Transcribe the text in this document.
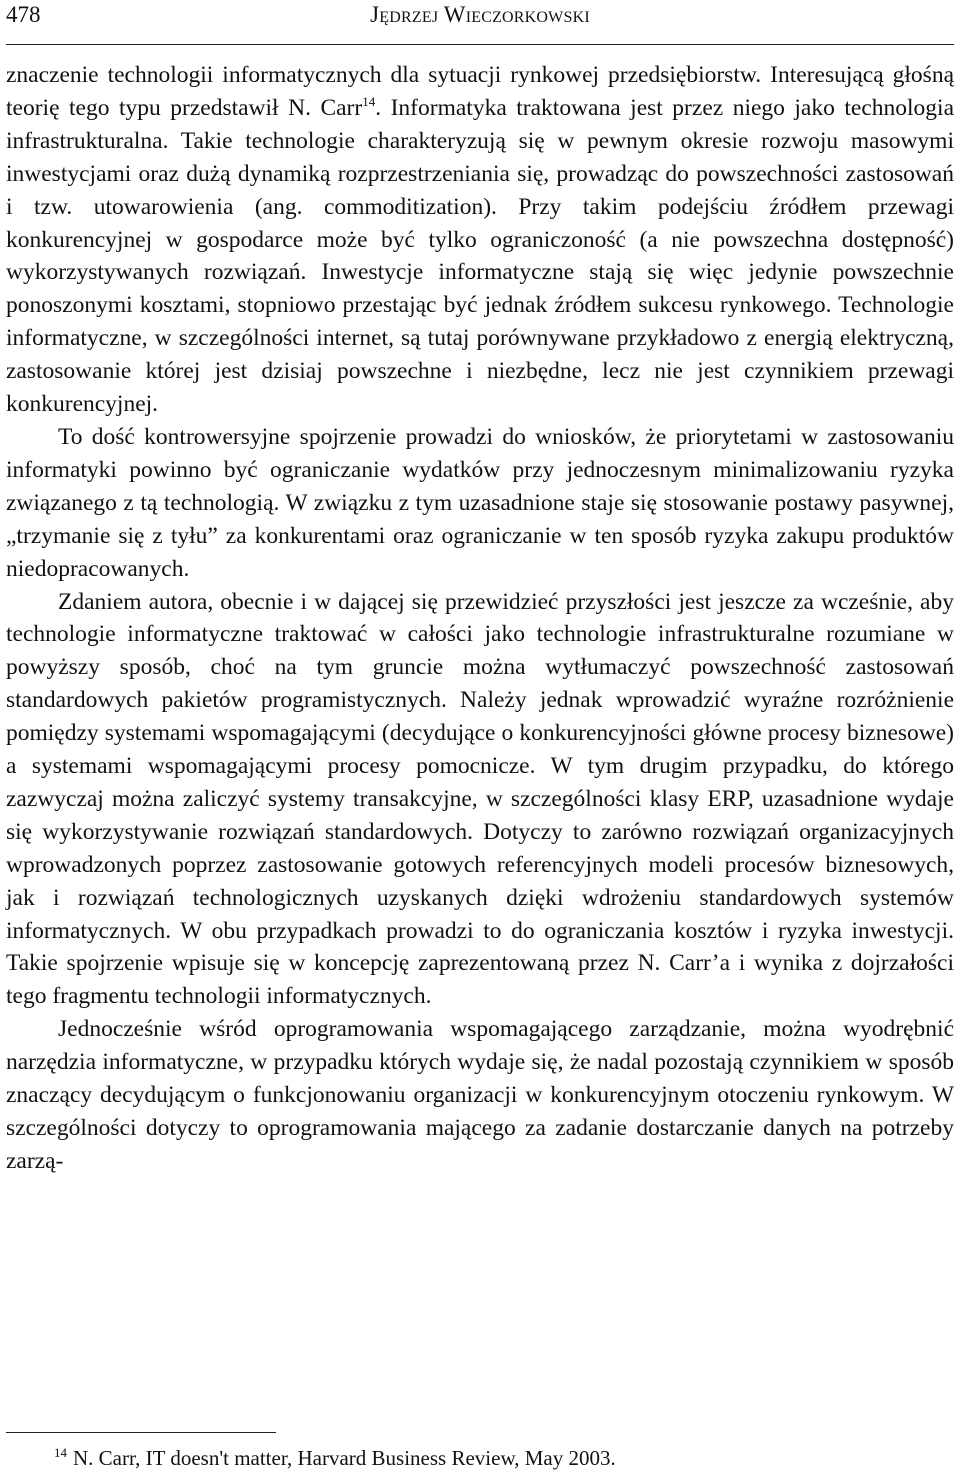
478	Jędrzej Wieczorkowski

znaczenie technologii informatycznych dla sytuacji rynkowej przedsiębiorstw. Interesującą głośną teorię tego typu przedstawił N. Carr$^{14}$. Informatyka traktowana jest przez niego jako technologia infrastrukturalna. Takie technologie charakteryzują się w pewnym okresie rozwoju masowymi inwestycjami oraz dużą dynamiką rozprzestrzeniania się, prowadząc do powszechności zastosowań i tzw. utowarowienia (ang. commoditization). Przy takim podejściu źródłem przewagi konkurencyjnej w gospodarce może być tylko ograniczoność (a nie powszechna dostępność) wykorzystywanych rozwiązań. Inwestycje informatyczne stają się więc jedynie powszechnie ponoszonymi kosztami, stopniowo przestając być jednak źródłem sukcesu rynkowego. Technologie informatyczne, w szczególności internet, są tutaj porównywane przykładowo z energią elektryczną, zastosowanie której jest dzisiaj powszechne i niezbędne, lecz nie jest czynnikiem przewagi konkurencyjnej.

To dość kontrowersyjne spojrzenie prowadzi do wniosków, że priorytetami w zastosowaniu informatyki powinno być ograniczanie wydatków przy jednoczesnym minimalizowaniu ryzyka związanego z tą technologią. W związku z tym uzasadnione staje się stosowanie postawy pasywnej, „trzymanie się z tyłu” za konkurentami oraz ograniczanie w ten sposób ryzyka zakupu produktów niedopracowanych.

Zdaniem autora, obecnie i w dającej się przewidzieć przyszłości jest jeszcze za wcześnie, aby technologie informatyczne traktować w całości jako technologie infrastrukturalne rozumiane w powyższy sposób, choć na tym gruncie można wytłumaczyć powszechność zastosowań standardowych pakietów programistycznych. Należy jednak wprowadzić wyraźne rozróżnienie pomiędzy systemami wspomagającymi (decydujące o konkurencyjności główne procesy biznesowe) a systemami wspomagającymi procesy pomocnicze. W tym drugim przypadku, do którego zazwyczaj można zaliczyć systemy transakcyjne, w szczególności klasy ERP, uzasadnione wydaje się wykorzystywanie rozwiązań standardowych. Dotyczy to zarówno rozwiązań organizacyjnych wprowadzonych poprzez zastosowanie gotowych referencyjnych modeli procesów biznesowych, jak i rozwiązań technologicznych uzyskanych dzięki wdrożeniu standardowych systemów informatycznych. W obu przypadkach prowadzi to do ograniczania kosztów i ryzyka inwestycji. Takie spojrzenie wpisuje się w koncepcję zaprezentowaną przez N. Carr’a i wynika z dojrzałości tego fragmentu technologii informatycznych.

Jednocześnie wśród oprogramowania wspomagającego zarządzanie, można wyodrębnić narzędzia informatyczne, w przypadku których wydaje się, że nadal pozostają czynnikiem w sposób znaczący decydującym o funkcjonowaniu organizacji w konkurencyjnym otoczeniu rynkowym. W szczególności dotyczy to oprogramowania mającego za zadanie dostarczanie danych na potrzeby zarzą-

$^{14}$ N. Carr, IT doesn't matter, Harvard Business Review, May 2003.
